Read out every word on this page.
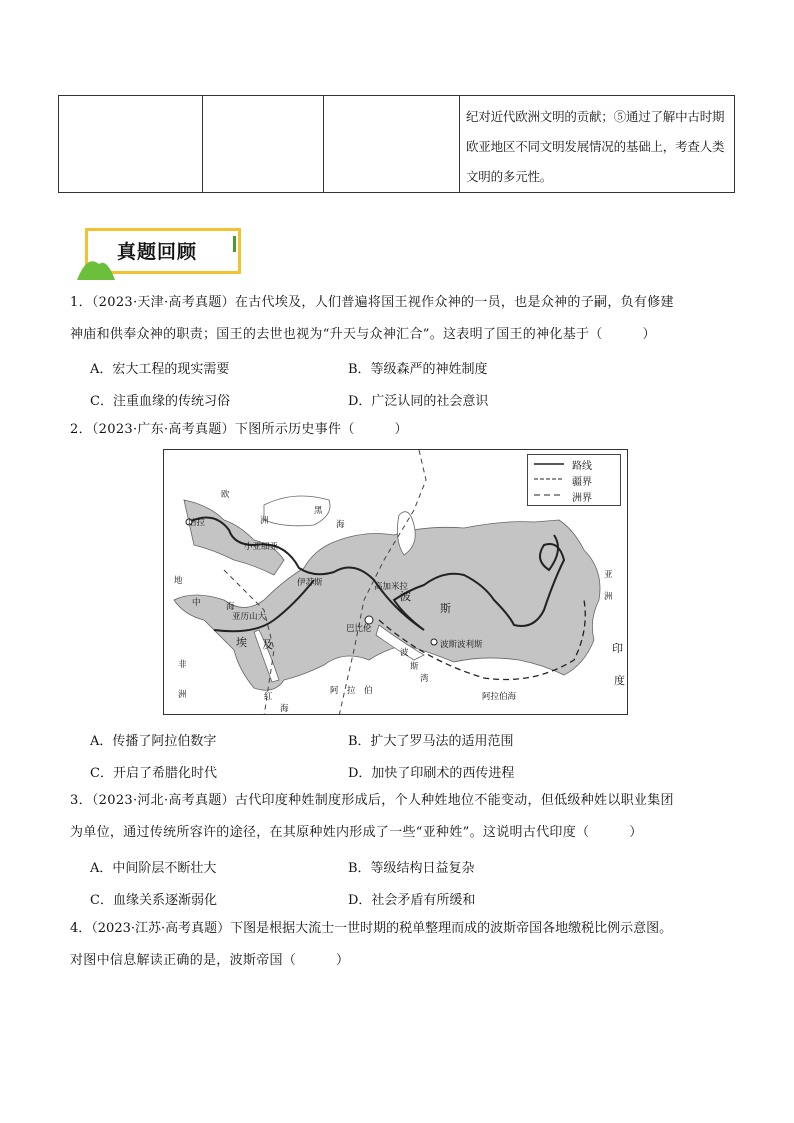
纪对近代欧洲文明的贡献；⑤通过了解中古时期
欧亚地区不同文明发展情况的基础上，考查人类
文明的多元性。
真题回顾
1．（2023·天津·高考真题）在古代埃及，人们普遍将国王视作众神的一员，也是众神的子嗣，负有修建
神庙和供奉众神的职责；国王的去世也视为“升天与众神汇合”。这表明了国王的神化基于（　　　）
A．宏大工程的现实需要	B．等级森严的神姓制度
C．注重血缘的传统习俗	D．广泛认同的社会意识
2．（2023·广东·高考真题）下图所示历史事件（　　　）
路线
疆界
洲界
欧
洲
黑
海
培拉
小亚细亚
伊苏斯	高加米拉
亚历山大
埃 及
巴比伦
波
斯
波斯波利斯
地
中	海
非
洲	阿　拉　伯
阿拉伯海
红
海
印
度
亚
洲
波
斯
湾
A．传播了阿拉伯数字	B．扩大了罗马法的适用范围
C．开启了希腊化时代	D．加快了印刷术的西传进程
3．（2023·河北·高考真题）古代印度种姓制度形成后，个人种姓地位不能变动，但低级种姓以职业集团
为单位，通过传统所容许的途径，在其原种姓内形成了一些“亚种姓”。这说明古代印度（　　　）
A．中间阶层不断壮大	B．等级结构日益复杂
C．血缘关系逐渐弱化	D．社会矛盾有所缓和
4．（2023·江苏·高考真题）下图是根据大流士一世时期的税单整理而成的波斯帝国各地缴税比例示意图。
对图中信息解读正确的是，波斯帝国（　　　）
